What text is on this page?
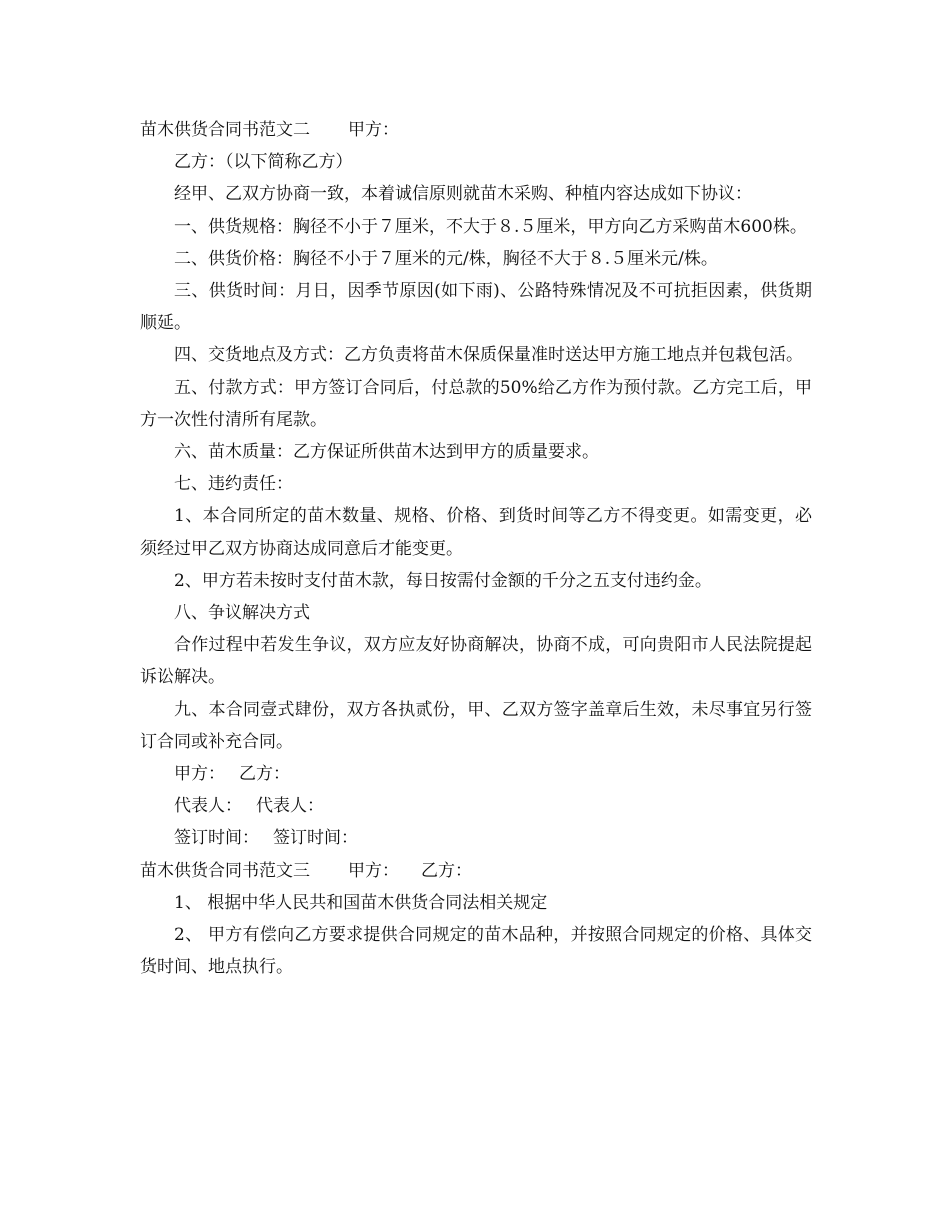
苗木供货合同书范文二 甲方：

乙方：（以下简称乙方）

经甲、乙双方协商一致，本着诚信原则就苗木采购、种植内容达成如下协议：

一、供货规格：胸径不小于７厘米，不大于８.５厘米，甲方向乙方采购苗木600株。

二、供货价格：胸径不小于７厘米的元/株，胸径不大于８.５厘米元/株。

三、供货时间：月日，因季节原因(如下雨)、公路特殊情况及不可抗拒因素，供货期顺延。

四、交货地点及方式：乙方负责将苗木保质保量准时送达甲方施工地点并包栽包活。

五、付款方式：甲方签订合同后，付总款的50%给乙方作为预付款。乙方完工后，甲方一次性付清所有尾款。

六、苗木质量：乙方保证所供苗木达到甲方的质量要求。

七、违约责任：

1、本合同所定的苗木数量、规格、价格、到货时间等乙方不得变更。如需变更，必须经过甲乙双方协商达成同意后才能变更。

2、甲方若未按时支付苗木款，每日按需付金额的千分之五支付违约金。

八、争议解决方式

合作过程中若发生争议，双方应友好协商解决，协商不成，可向贵阳市人民法院提起诉讼解决。

九、本合同壹式肆份，双方各执贰份，甲、乙双方签字盖章后生效，未尽事宜另行签订合同或补充合同。

甲方： 乙方：

代表人： 代表人：

签订时间： 签订时间：

苗木供货合同书范文三 甲方： 乙方：

1、 根据中华人民共和国苗木供货合同法相关规定

2、 甲方有偿向乙方要求提供合同规定的苗木品种，并按照合同规定的价格、具体交货时间、地点执行。
